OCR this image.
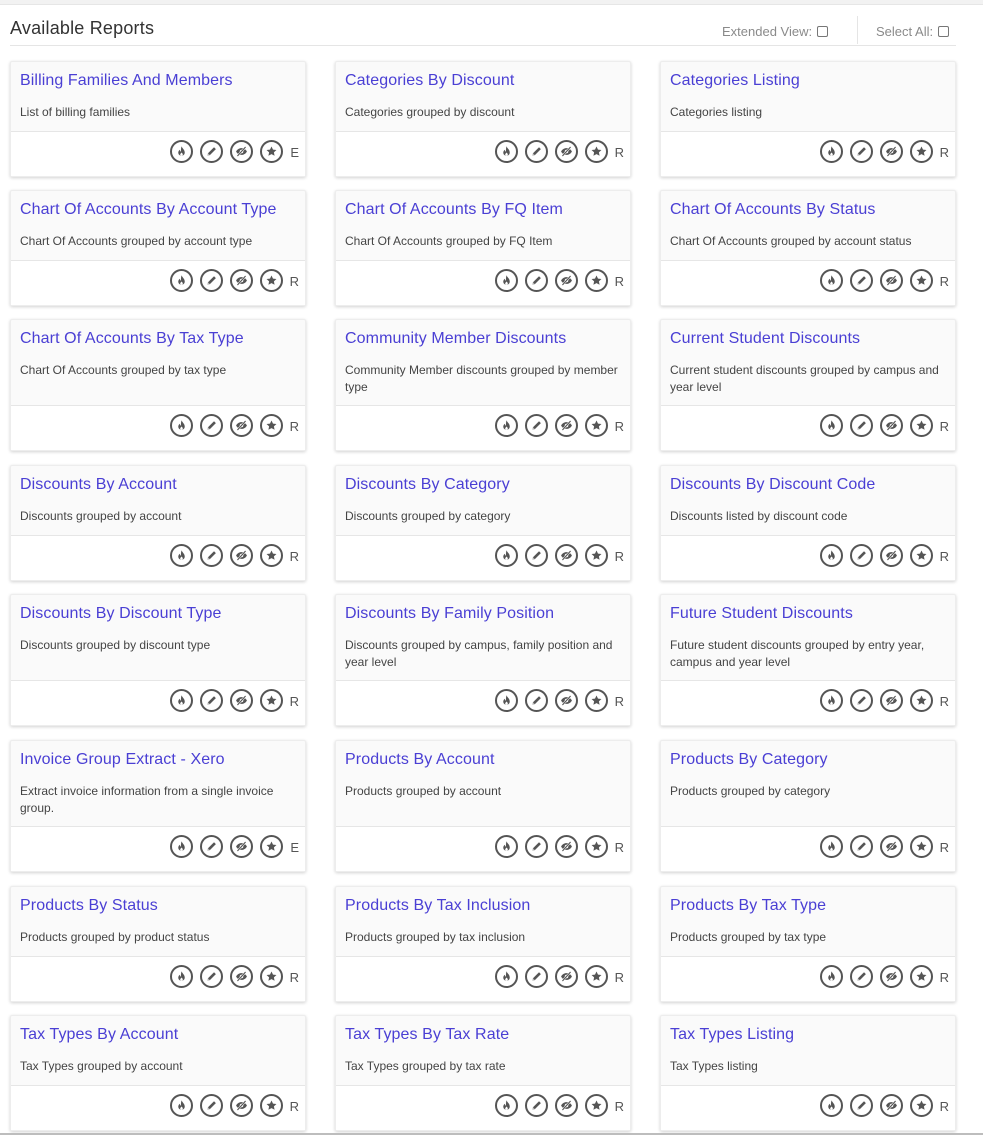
Available Reports	Extended View:	Select All:
Billing Families And Members
List of billing families
E
Categories By Discount
Categories grouped by discount
R
Categories Listing
Categories listing
R
Chart Of Accounts By Account Type
Chart Of Accounts grouped by account type
R
Chart Of Accounts By FQ Item
Chart Of Accounts grouped by FQ Item
R
Chart Of Accounts By Status
Chart Of Accounts grouped by account status
R
Chart Of Accounts By Tax Type
Chart Of Accounts grouped by tax type
R
Community Member Discounts
Community Member discounts grouped by member type
R
Current Student Discounts
Current student discounts grouped by campus and year level
R
Discounts By Account
Discounts grouped by account
R
Discounts By Category
Discounts grouped by category
R
Discounts By Discount Code
Discounts listed by discount code
R
Discounts By Discount Type
Discounts grouped by discount type
R
Discounts By Family Position
Discounts grouped by campus, family position and year level
R
Future Student Discounts
Future student discounts grouped by entry year, campus and year level
R
Invoice Group Extract - Xero
Extract invoice information from a single invoice group.
E
Products By Account
Products grouped by account
R
Products By Category
Products grouped by category
R
Products By Status
Products grouped by product status
R
Products By Tax Inclusion
Products grouped by tax inclusion
R
Products By Tax Type
Products grouped by tax type
R
Tax Types By Account
Tax Types grouped by account
R
Tax Types By Tax Rate
Tax Types grouped by tax rate
R
Tax Types Listing
Tax Types listing
R
